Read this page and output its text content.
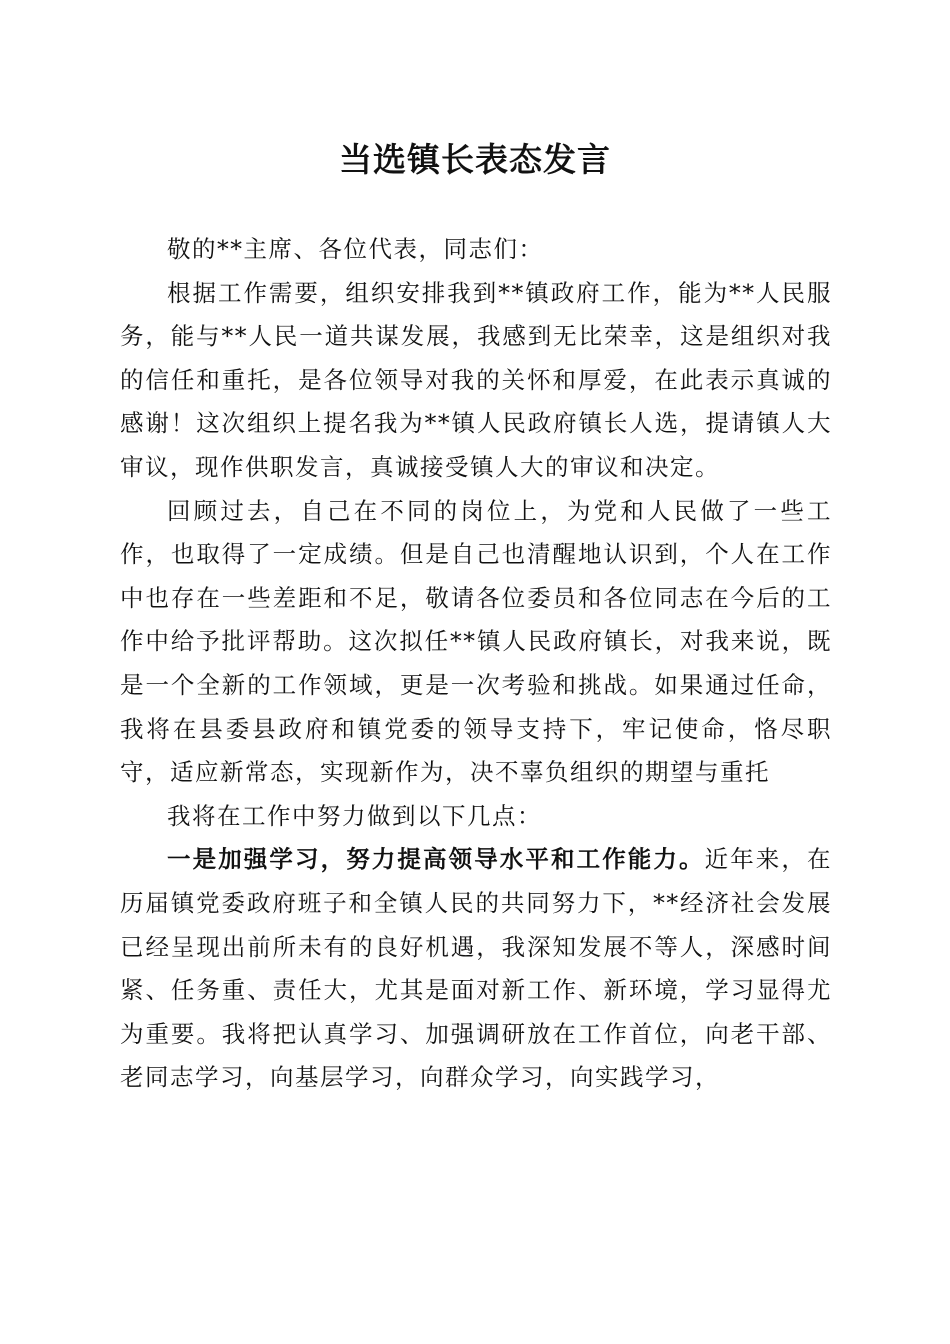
当选镇长表态发言

敬的**主席、各位代表，同志们：

根据工作需要，组织安排我到**镇政府工作，能为**人民服务，能与**人民一道共谋发展，我感到无比荣幸，这是组织对我的信任和重托，是各位领导对我的关怀和厚爱，在此表示真诚的感谢！这次组织上提名我为**镇人民政府镇长人选，提请镇人大审议，现作供职发言，真诚接受镇人大的审议和决定。

回顾过去，自己在不同的岗位上，为党和人民做了一些工作，也取得了一定成绩。但是自己也清醒地认识到，个人在工作中也存在一些差距和不足，敬请各位委员和各位同志在今后的工作中给予批评帮助。这次拟任**镇人民政府镇长，对我来说，既是一个全新的工作领域，更是一次考验和挑战。如果通过任命，我将在县委县政府和镇党委的领导支持下，牢记使命，恪尽职守，适应新常态，实现新作为，决不辜负组织的期望与重托

我将在工作中努力做到以下几点：

一是加强学习，努力提高领导水平和工作能力。近年来，在历届镇党委政府班子和全镇人民的共同努力下，**经济社会发展已经呈现出前所未有的良好机遇，我深知发展不等人，深感时间紧、任务重、责任大，尤其是面对新工作、新环境，学习显得尤为重要。我将把认真学习、加强调研放在工作首位，向老干部、老同志学习，向基层学习，向群众学习，向实践学习，
